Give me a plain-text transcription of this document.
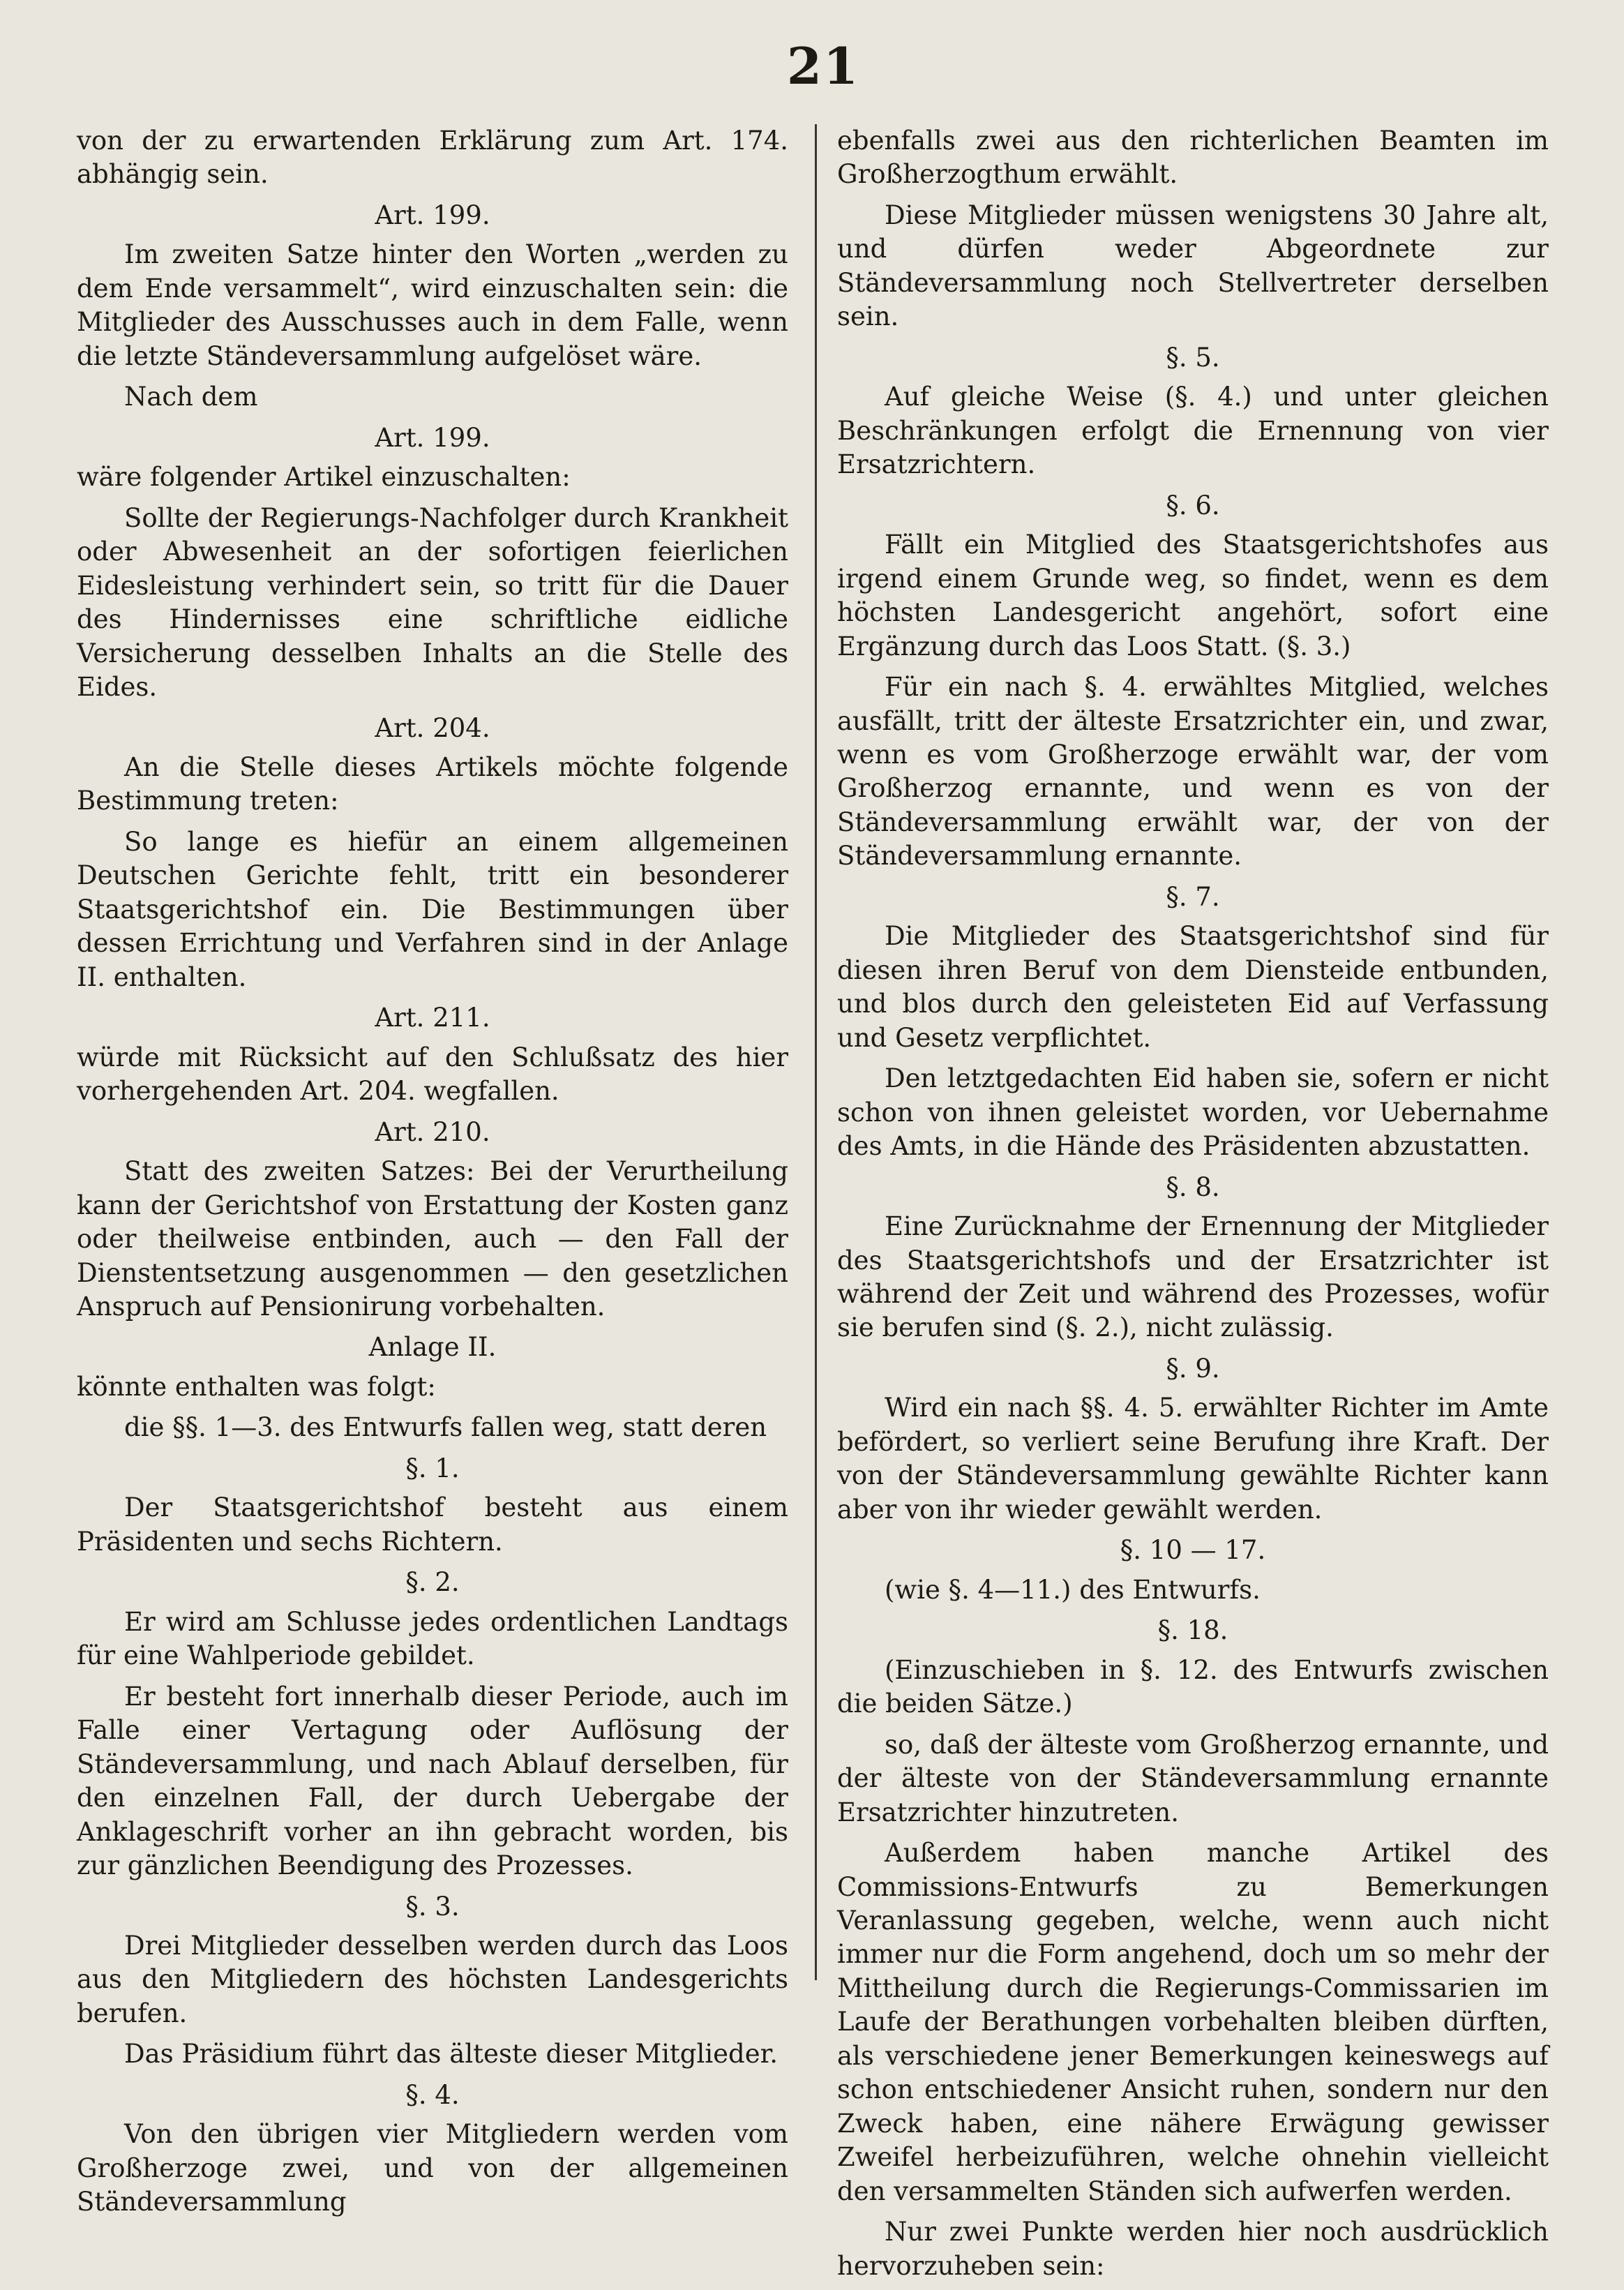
21

von der zu erwartenden Erklärung zum Art. 174. abhängig sein.

Art. 199.

Im zweiten Satze hinter den Worten „werden zu dem Ende versammelt“, wird einzuschalten sein: die Mitglieder des Ausschusses auch in dem Falle, wenn die letzte Ständeversammlung aufgelöset wäre.

Nach dem

Art. 199.

wäre folgender Artikel einzuschalten:

Sollte der Regierungs-Nachfolger durch Krankheit oder Abwesenheit an der sofortigen feierlichen Eidesleistung verhindert sein, so tritt für die Dauer des Hindernisses eine schriftliche eidliche Versicherung desselben Inhalts an die Stelle des Eides.

Art. 204.

An die Stelle dieses Artikels möchte folgende Bestimmung treten:

So lange es hiefür an einem allgemeinen Deutschen Gerichte fehlt, tritt ein besonderer Staatsgerichtshof ein. Die Bestimmungen über dessen Errichtung und Verfahren sind in der Anlage II. enthalten.

Art. 211.

würde mit Rücksicht auf den Schlußsatz des hier vorhergehenden Art. 204. wegfallen.

Art. 210.

Statt des zweiten Satzes: Bei der Verurtheilung kann der Gerichtshof von Erstattung der Kosten ganz oder theilweise entbinden, auch — den Fall der Dienstentsetzung ausgenommen — den gesetzlichen Anspruch auf Pensionirung vorbehalten.

Anlage II.

könnte enthalten was folgt:

die §§. 1—3. des Entwurfs fallen weg, statt deren

§. 1.

Der Staatsgerichtshof besteht aus einem Präsidenten und sechs Richtern.

§. 2.

Er wird am Schlusse jedes ordentlichen Landtags für eine Wahlperiode gebildet.

Er besteht fort innerhalb dieser Periode, auch im Falle einer Vertagung oder Auflösung der Ständeversammlung, und nach Ablauf derselben, für den einzelnen Fall, der durch Uebergabe der Anklageschrift vorher an ihn gebracht worden, bis zur gänzlichen Beendigung des Prozesses.

§. 3.

Drei Mitglieder desselben werden durch das Loos aus den Mitgliedern des höchsten Landesgerichts berufen.

Das Präsidium führt das älteste dieser Mitglieder.

§. 4.

Von den übrigen vier Mitgliedern werden vom Großherzoge zwei, und von der allgemeinen Ständeversammlung

ebenfalls zwei aus den richterlichen Beamten im Großherzogthum erwählt.

Diese Mitglieder müssen wenigstens 30 Jahre alt, und dürfen weder Abgeordnete zur Ständeversammlung noch Stellvertreter derselben sein.

§. 5.

Auf gleiche Weise (§. 4.) und unter gleichen Beschränkungen erfolgt die Ernennung von vier Ersatzrichtern.

§. 6.

Fällt ein Mitglied des Staatsgerichtshofes aus irgend einem Grunde weg, so findet, wenn es dem höchsten Landesgericht angehört, sofort eine Ergänzung durch das Loos Statt. (§. 3.)

Für ein nach §. 4. erwähltes Mitglied, welches ausfällt, tritt der älteste Ersatzrichter ein, und zwar, wenn es vom Großherzoge erwählt war, der vom Großherzog ernannte, und wenn es von der Ständeversammlung erwählt war, der von der Ständeversammlung ernannte.

§. 7.

Die Mitglieder des Staatsgerichtshof sind für diesen ihren Beruf von dem Diensteide entbunden, und blos durch den geleisteten Eid auf Verfassung und Gesetz verpflichtet.

Den letztgedachten Eid haben sie, sofern er nicht schon von ihnen geleistet worden, vor Uebernahme des Amts, in die Hände des Präsidenten abzustatten.

§. 8.

Eine Zurücknahme der Ernennung der Mitglieder des Staatsgerichtshofs und der Ersatzrichter ist während der Zeit und während des Prozesses, wofür sie berufen sind (§. 2.), nicht zulässig.

§. 9.

Wird ein nach §§. 4. 5. erwählter Richter im Amte befördert, so verliert seine Berufung ihre Kraft. Der von der Ständeversammlung gewählte Richter kann aber von ihr wieder gewählt werden.

§. 10 — 17.

(wie §. 4—11.) des Entwurfs.

§. 18.

(Einzuschieben in §. 12. des Entwurfs zwischen die beiden Sätze.)

so, daß der älteste vom Großherzog ernannte, und der älteste von der Ständeversammlung ernannte Ersatzrichter hinzutreten.

Außerdem haben manche Artikel des Commissions-Entwurfs zu Bemerkungen Veranlassung gegeben, welche, wenn auch nicht immer nur die Form angehend, doch um so mehr der Mittheilung durch die Regierungs-Commissarien im Laufe der Berathungen vorbehalten bleiben dürften, als verschiedene jener Bemerkungen keineswegs auf schon entschiedener Ansicht ruhen, sondern nur den Zweck haben, eine nähere Erwägung gewisser Zweifel herbeizuführen, welche ohnehin vielleicht den versammelten Ständen sich aufwerfen werden.

Nur zwei Punkte werden hier noch ausdrücklich hervorzuheben sein:
